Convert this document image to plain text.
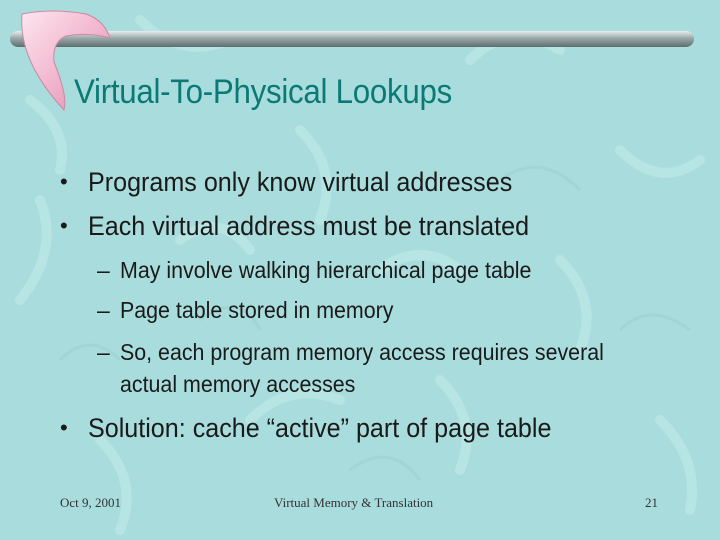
Virtual-To-Physical Lookups
• Programs only know virtual addresses
• Each virtual address must be translated
– May involve walking hierarchical page table
– Page table stored in memory
– So, each program memory access requires several
actual memory accesses
• Solution: cache “active” part of page table
Oct 9, 2001	Virtual Memory & Translation	21
